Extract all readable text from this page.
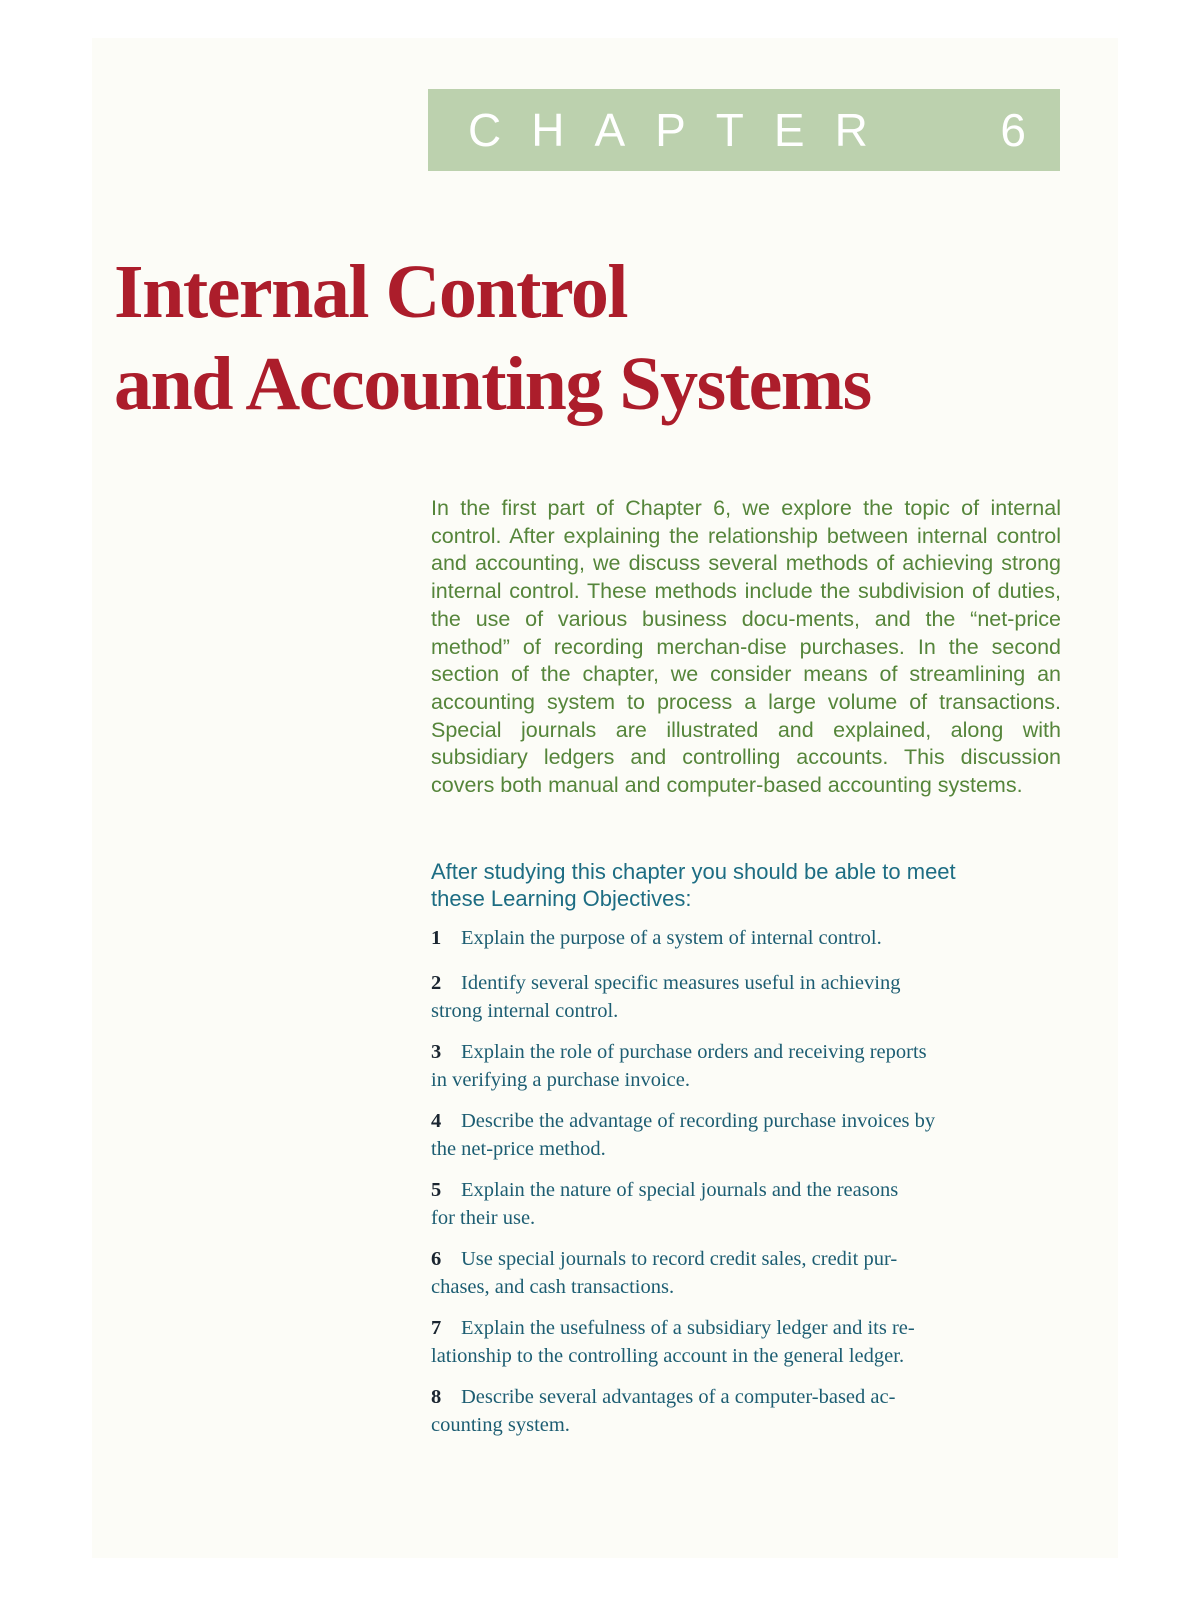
CHAPTER 6
Internal Control
and Accounting Systems

In the first part of Chapter 6, we explore the topic of internal control. After explaining the relationship between internal control and accounting, we discuss several methods of achieving strong internal control. These methods include the subdivision of duties, the use of various business docu-ments, and the “net-price method” of recording merchan-dise purchases. In the second section of the chapter, we consider means of streamlining an accounting system to process a large volume of transactions. Special journals are illustrated and explained, along with subsidiary ledgers and controlling accounts. This discussion covers both manual and computer-based accounting systems.

After studying this chapter you should be able to meet
these Learning Objectives:
1 Explain the purpose of a system of internal control.
2 Identify several specific measures useful in achieving
strong internal control.
3 Explain the role of purchase orders and receiving reports
in verifying a purchase invoice.
4 Describe the advantage of recording purchase invoices by
the net-price method.
5 Explain the nature of special journals and the reasons
for their use.
6 Use special journals to record credit sales, credit pur-
chases, and cash transactions.
7 Explain the usefulness of a subsidiary ledger and its re-
lationship to the controlling account in the general ledger.
8 Describe several advantages of a computer-based ac-
counting system.
